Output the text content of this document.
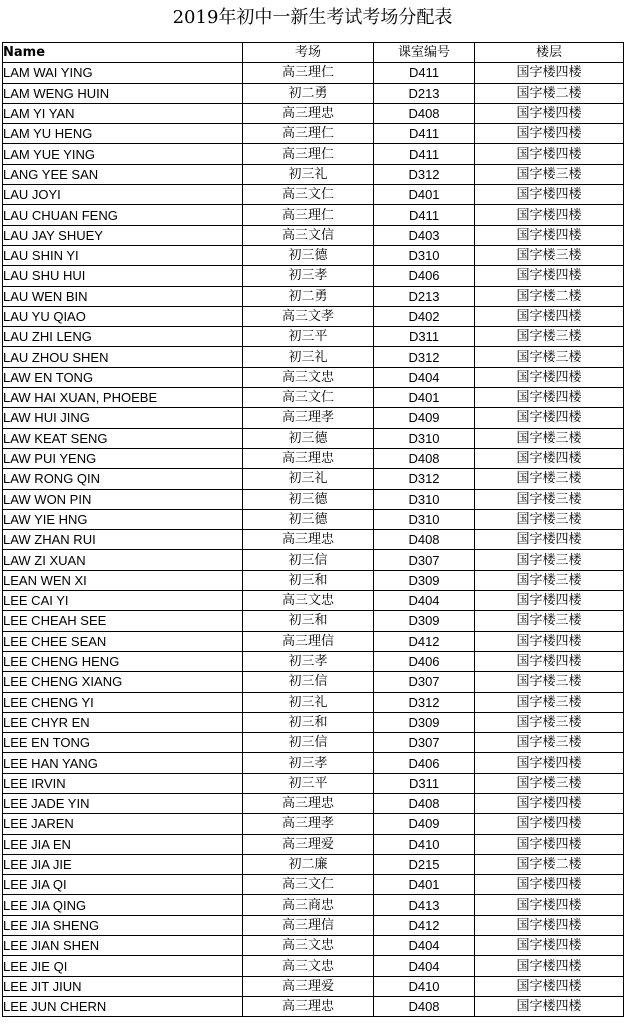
2019年初中一新生考试考场分配表
Name	考场	课室编号	楼层
LAM WAI YING	高三理仁	D411	国字楼四楼
LAM WENG HUIN	初二勇	D213	国字楼二楼
LAM YI YAN	高三理忠	D408	国字楼四楼
LAM YU HENG	高三理仁	D411	国字楼四楼
LAM YUE YING	高三理仁	D411	国字楼四楼
LANG YEE SAN	初三礼	D312	国字楼三楼
LAU JOYI	高三文仁	D401	国字楼四楼
LAU CHUAN FENG	高三理仁	D411	国字楼四楼
LAU JAY SHUEY	高三文信	D403	国字楼四楼
LAU SHIN YI	初三德	D310	国字楼三楼
LAU SHU HUI	初三孝	D406	国字楼四楼
LAU WEN BIN	初二勇	D213	国字楼二楼
LAU YU QIAO	高三文孝	D402	国字楼四楼
LAU ZHI LENG	初三平	D311	国字楼三楼
LAU ZHOU SHEN	初三礼	D312	国字楼三楼
LAW EN TONG	高三文忠	D404	国字楼四楼
LAW HAI XUAN, PHOEBE	高三文仁	D401	国字楼四楼
LAW HUI JING	高三理孝	D409	国字楼四楼
LAW KEAT SENG	初三德	D310	国字楼三楼
LAW PUI YENG	高三理忠	D408	国字楼四楼
LAW RONG QIN	初三礼	D312	国字楼三楼
LAW WON PIN	初三德	D310	国字楼三楼
LAW YIE HNG	初三德	D310	国字楼三楼
LAW ZHAN RUI	高三理忠	D408	国字楼四楼
LAW ZI XUAN	初三信	D307	国字楼三楼
LEAN WEN XI	初三和	D309	国字楼三楼
LEE CAI YI	高三文忠	D404	国字楼四楼
LEE CHEAH SEE	初三和	D309	国字楼三楼
LEE CHEE SEAN	高三理信	D412	国字楼四楼
LEE CHENG HENG	初三孝	D406	国字楼四楼
LEE CHENG XIANG	初三信	D307	国字楼三楼
LEE CHENG YI	初三礼	D312	国字楼三楼
LEE CHYR EN	初三和	D309	国字楼三楼
LEE EN TONG	初三信	D307	国字楼三楼
LEE HAN YANG	初三孝	D406	国字楼四楼
LEE IRVIN	初三平	D311	国字楼三楼
LEE JADE YIN	高三理忠	D408	国字楼四楼
LEE JAREN	高三理孝	D409	国字楼四楼
LEE JIA EN	高三理爱	D410	国字楼四楼
LEE JIA JIE	初二廉	D215	国字楼二楼
LEE JIA QI	高三文仁	D401	国字楼四楼
LEE JIA QING	高三商忠	D413	国字楼四楼
LEE JIA SHENG	高三理信	D412	国字楼四楼
LEE JIAN SHEN	高三文忠	D404	国字楼四楼
LEE JIE QI	高三文忠	D404	国字楼四楼
LEE JIT JIUN	高三理爱	D410	国字楼四楼
LEE JUN CHERN	高三理忠	D408	国字楼四楼
